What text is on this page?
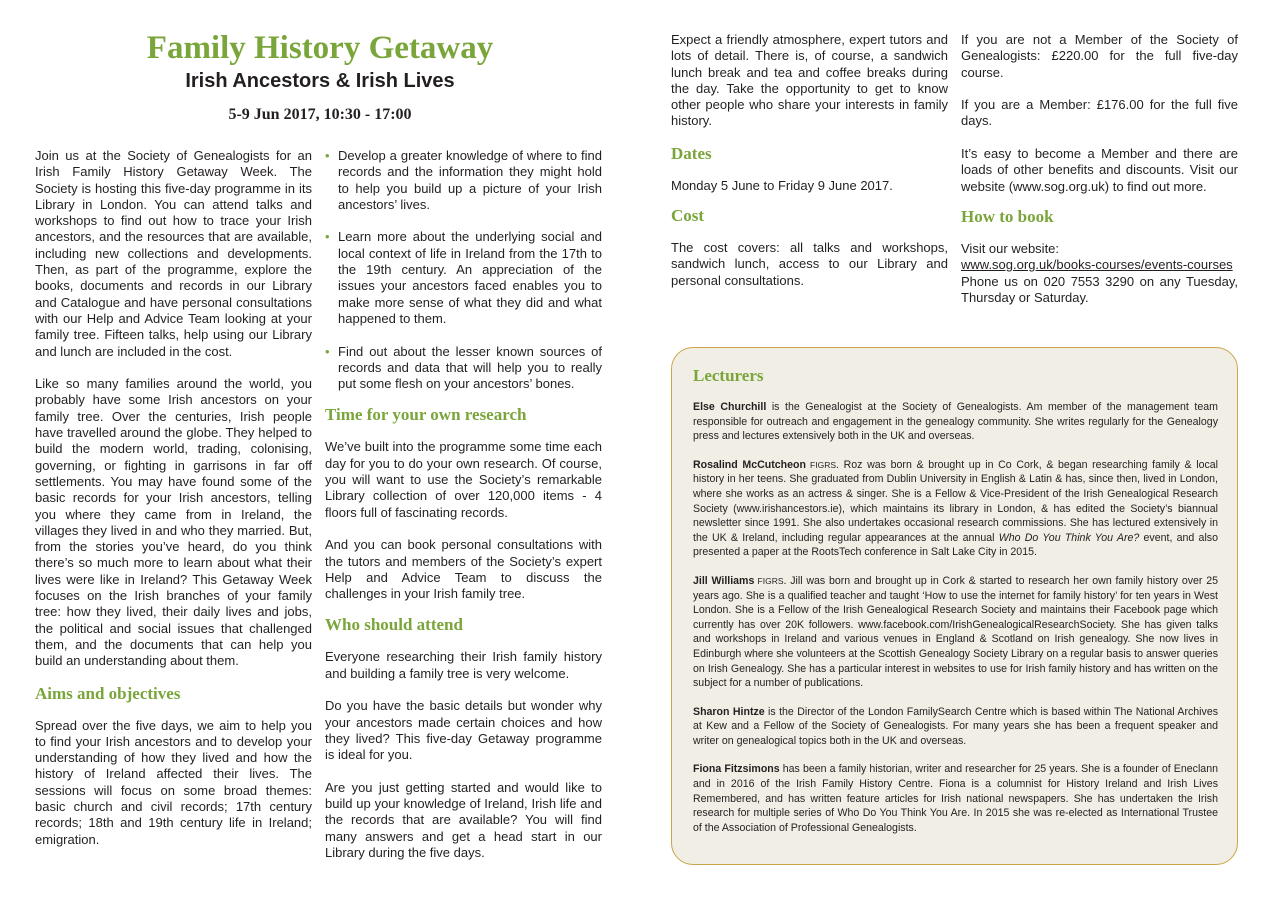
Family History Getaway
Irish Ancestors & Irish Lives

5-9 Jun 2017, 10:30 - 17:00

Join us at the Society of Genealogists for an Irish Family History Getaway Week. The Society is hosting this five-day programme in its Library in London. You can attend talks and workshops to find out how to trace your Irish ancestors, and the resources that are available, including new collections and developments. Then, as part of the programme, explore the books, documents and records in our Library and Catalogue and have personal consultations with our Help and Advice Team looking at your family tree. Fifteen talks, help using our Library and lunch are included in the cost.

Like so many families around the world, you probably have some Irish ancestors on your family tree. Over the centuries, Irish people have travelled around the globe. They helped to build the modern world, trading, colonising, governing, or fighting in garrisons in far off settlements. You may have found some of the basic records for your Irish ancestors, telling you where they came from in Ireland, the villages they lived in and who they married. But, from the stories you’ve heard, do you think there’s so much more to learn about what their lives were like in Ireland? This Getaway Week focuses on the Irish branches of your family tree: how they lived, their daily lives and jobs, the political and social issues that challenged them, and the documents that can help you build an understanding about them.

Aims and objectives

Spread over the five days, we aim to help you to find your Irish ancestors and to develop your understanding of how they lived and how the history of Ireland affected their lives. The sessions will focus on some broad themes: basic church and civil records; 17th century records; 18th and 19th century life in Ireland; emigration.

• Develop a greater knowledge of where to find records and the information they might hold to help you build up a picture of your Irish ancestors’ lives.
• Learn more about the underlying social and local context of life in Ireland from the 17th to the 19th century. An appreciation of the issues your ancestors faced enables you to make more sense of what they did and what happened to them.
• Find out about the lesser known sources of records and data that will help you to really put some flesh on your ancestors’ bones.
Time for your own research

We’ve built into the programme some time each day for you to do your own research. Of course, you will want to use the Society’s remarkable Library collection of over 120,000 items - 4 floors full of fascinating records.

And you can book personal consultations with the tutors and members of the Society’s expert Help and Advice Team to discuss the challenges in your Irish family tree.

Who should attend

Everyone researching their Irish family history and building a family tree is very welcome.

Do you have the basic details but wonder why your ancestors made certain choices and how they lived? This five-day Getaway programme is ideal for you.

Are you just getting started and would like to build up your knowledge of Ireland, Irish life and the records that are available? You will find many answers and get a head start in our Library during the five days.

Expect a friendly atmosphere, expert tutors and lots of detail. There is, of course, a sandwich lunch break and tea and coffee breaks during the day. Take the opportunity to get to know other people who share your interests in family history.

Dates

Monday 5 June to Friday 9 June 2017.

Cost

The cost covers: all talks and workshops, sandwich lunch, access to our Library and personal consultations.

If you are not a Member of the Society of Genealogists: £220.00 for the full five-day course.

If you are a Member: £176.00 for the full five days.

It’s easy to become a Member and there are loads of other benefits and discounts. Visit our website (www.sog.org.uk) to find out more.

How to book

Visit our website:

www.sog.org.uk/books-courses/events-courses

Phone us on 020 7553 3290 on any Tuesday, Thursday or Saturday.

Lecturers

Else Churchill is the Genealogist at the Society of Genealogists. Am member of the management team responsible for outreach and engagement in the genealogy community. She writes regularly for the Genealogy press and lectures extensively both in the UK and overseas.

Rosalind McCutcheon FIGRS. Roz was born & brought up in Co Cork, & began researching family & local history in her teens. She graduated from Dublin University in English & Latin & has, since then, lived in London, where she works as an actress & singer. She is a Fellow & Vice-President of the Irish Genealogical Research Society (www.irishancestors.ie), which maintains its library in London, & has edited the Society’s biannual newsletter since 1991. She also undertakes occasional research commissions. She has lectured extensively in the UK & Ireland, including regular appearances at the annual Who Do You Think You Are? event, and also presented a paper at the RootsTech conference in Salt Lake City in 2015.

Jill Williams FIGRS. Jill was born and brought up in Cork & started to research her own family history over 25 years ago. She is a qualified teacher and taught ‘How to use the internet for family history’ for ten years in West London. She is a Fellow of the Irish Genealogical Research Society and maintains their Facebook page which currently has over 20K followers. www.facebook.com/IrishGenealogicalResearchSociety. She has given talks and workshops in Ireland and various venues in England & Scotland on Irish genealogy. She now lives in Edinburgh where she volunteers at the Scottish Genealogy Society Library on a regular basis to answer queries on Irish Genealogy. She has a particular interest in websites to use for Irish family history and has written on the subject for a number of publications.

Sharon Hintze is the Director of the London FamilySearch Centre which is based within The National Archives at Kew and a Fellow of the Society of Genealogists. For many years she has been a frequent speaker and writer on genealogical topics both in the UK and overseas.

Fiona Fitzsimons has been a family historian, writer and researcher for 25 years. She is a founder of Eneclann and in 2016 of the Irish Family History Centre. Fiona is a columnist for History Ireland and Irish Lives Remembered, and has written feature articles for Irish national newspapers. She has undertaken the Irish research for multiple series of Who Do You Think You Are. In 2015 she was re-elected as International Trustee of the Association of Professional Genealogists.
